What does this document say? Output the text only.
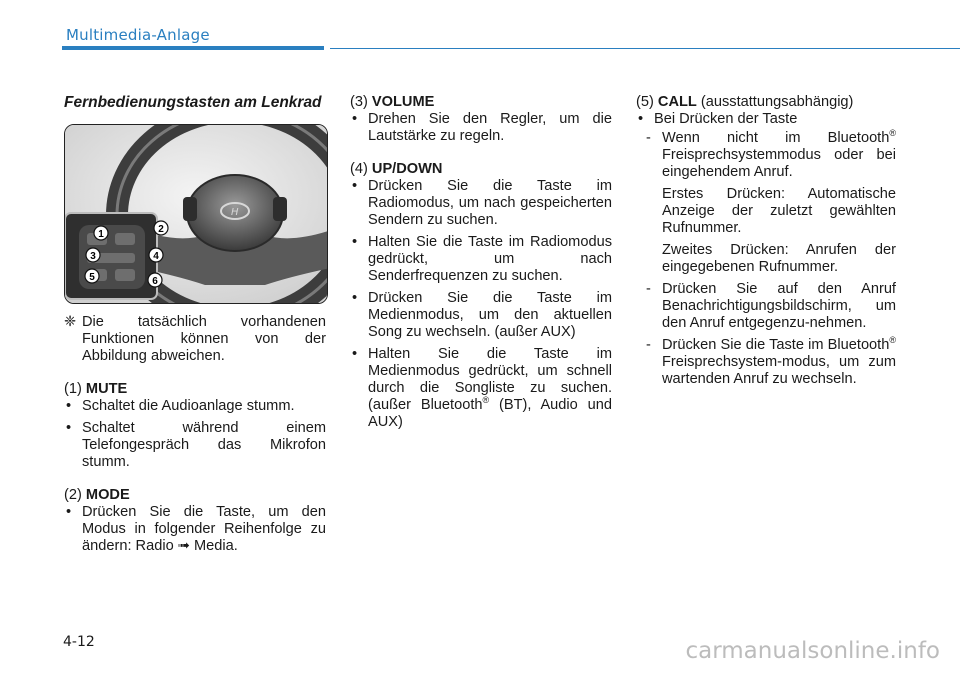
Multimedia-Anlage
Fernbedienungstasten am Lenkrad
H
1	2
3	4
5	6
❈ Die tatsächlich vorhandenen Funktionen können von der Abbildung abweichen.
(1) MUTE
• Schaltet die Audioanlage stumm.
• Schaltet während einem Telefongespräch das Mikrofon stumm.
(2) MODE
• Drücken Sie die Taste, um den Modus in folgender Reihenfolge zu ändern: Radio ➟ Media.
(3) VOLUME
• Drehen Sie den Regler, um die Lautstärke zu regeln.
(4) UP/DOWN
• Drücken Sie die Taste im Radiomodus, um nach gespeicherten Sendern zu suchen.
• Halten Sie die Taste im Radiomodus gedrückt, um nach Senderfrequenzen zu suchen.
• Drücken Sie die Taste im Medienmodus, um den aktuellen Song zu wechseln. (außer AUX)
• Halten Sie die Taste im Medienmodus gedrückt, um schnell durch die Songliste zu suchen. (außer Bluetooth® (BT), Audio und AUX)
(5) CALL (ausstattungsabhängig)
• Bei Drücken der Taste
- Wenn nicht im Bluetooth® Freisprechsystemmodus oder bei eingehendem Anruf.
Erstes Drücken: Automatische Anzeige der zuletzt gewählten Rufnummer.
Zweites Drücken: Anrufen der eingegebenen Rufnummer.
- Drücken Sie auf den Anruf Benachrichtigungsbildschirm, um den Anruf entgegenzu-nehmen.
- Drücken Sie die Taste im Bluetooth® Freisprechsystem-modus, um zum wartenden Anruf zu wechseln.
4-12	carmanualsonline.info
